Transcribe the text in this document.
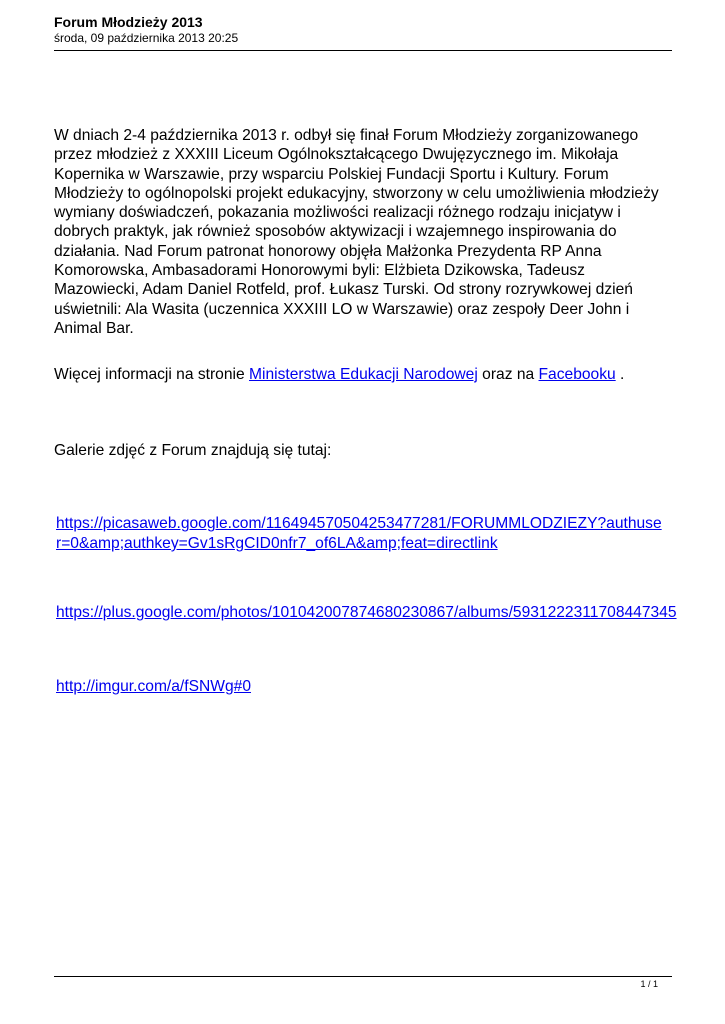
Forum Młodzieży 2013

środa, 09 października 2013 20:25

W dniach 2-4 października 2013 r. odbył się finał Forum Młodzieży zorganizowanego przez młodzież z XXXIII Liceum Ogólnokształcącego Dwujęzycznego im. Mikołaja Kopernika w Warszawie, przy wsparciu Polskiej Fundacji Sportu i Kultury. Forum Młodzieży to ogólnopolski projekt edukacyjny, stworzony w celu umożliwienia młodzieży wymiany doświadczeń, pokazania możliwości realizacji różnego rodzaju inicjatyw i dobrych praktyk, jak również sposobów aktywizacji i wzajemnego inspirowania do działania. Nad Forum patronat honorowy objęła Małżonka Prezydenta RP Anna Komorowska, Ambasadorami Honorowymi byli: Elżbieta Dzikowska, Tadeusz Mazowiecki, Adam Daniel Rotfeld, prof. Łukasz Turski. Od strony rozrywkowej dzień uświetnili: Ala Wasita (uczennica XXXIII LO w Warszawie) oraz zespoły Deer John i Animal Bar.

Więcej informacji na stronie Ministerstwa Edukacji Narodowej oraz na Facebooku .
Galerie zdjęć z Forum znajdują się tutaj:
https://picasaweb.google.com/116494570504253477281/FORUMMLODZIEZY?authuser=0&amp;authkey=Gv1sRgCID0nfr7_of6LA&amp;feat=directlink
https://plus.google.com/photos/101042007874680230867/albums/5931222311708447345
http://imgur.com/a/fSNWg#0
1 / 1
